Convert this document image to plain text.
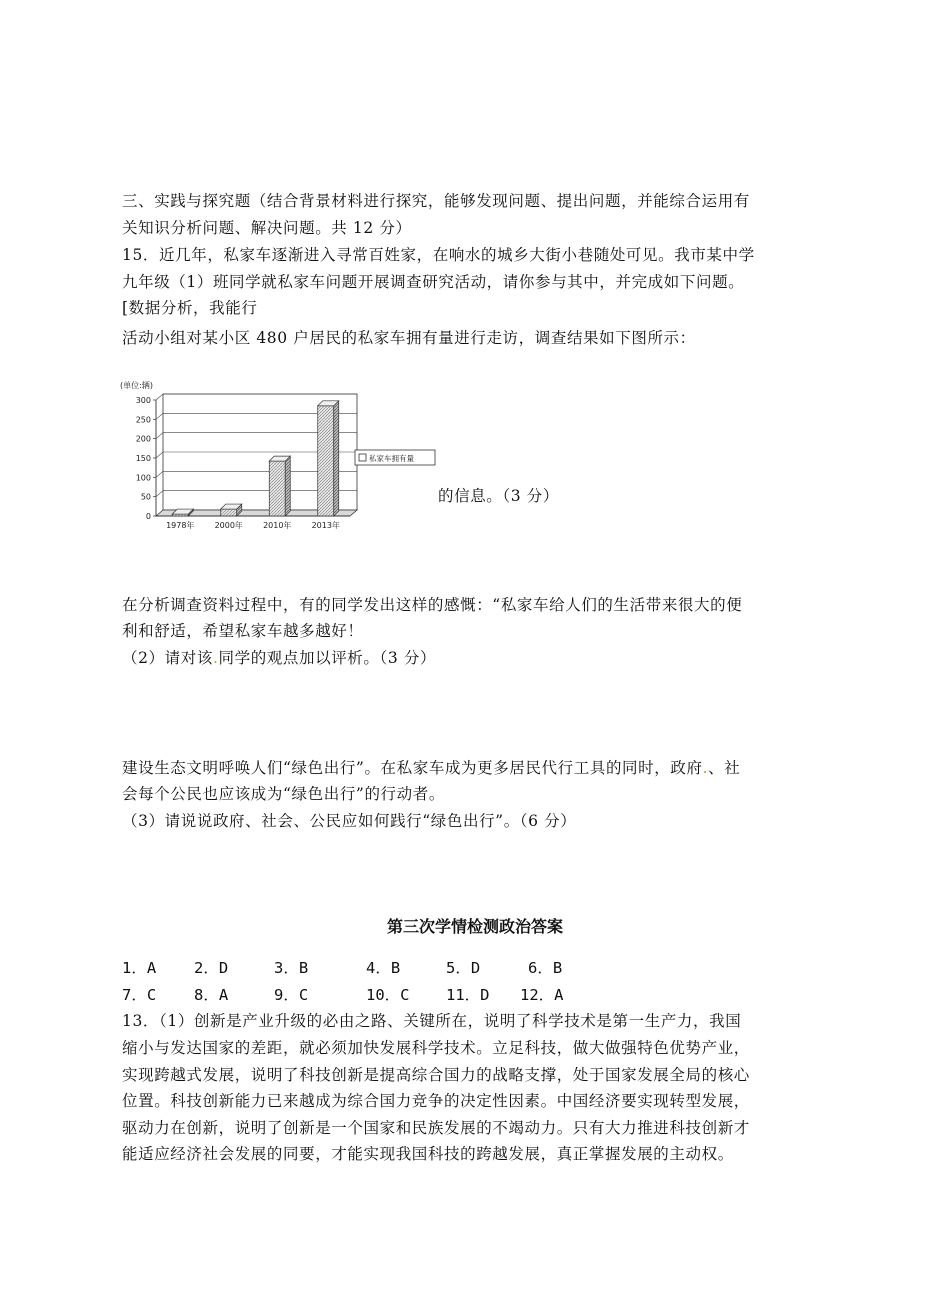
三、实践与探究题（结合背景材料进行探究，能够发现问题、提出问题，并能综合运用有
关知识分析问题、解决问题。共 12 分）
15．近几年，私家车逐渐进入寻常百姓家，在响水的城乡大街小巷随处可见。我市某中学
九年级（1）班同学就私家车问题开展调查研究活动，请你参与其中，并完成如下问题。
[数据分析，我能行
活动小组对某小区 480 户居民的私家车拥有量进行走访，调查结果如下图所示：
(单位:辆)
0
50
100
150
200
250
300
1978年	2000年	2010年	2013年
私家车拥有量
的信息。（3 分）
在分析调查资料过程中，有的同学发出这样的感慨：“私家车给人们的生活带来很大的便
利和舒适，希望私家车越多越好！
（2）请对该.同学的观点加以评析。（3 分）
建设生态文明呼唤人们“绿色出行”。在私家车成为更多居民代行工具的同时，政府.、社
会每个公民也应该成为“绿色出行”的行动者。
（3）请说说政府、社会、公民应如何践行“绿色出行”。（6 分）
第三次学情检测政治答案
1．A 2．D	3．B	4．B	5．D	6．B
7．C 8．A	9．C	10．C 11．D 12．A
13．（1）创新是产业升级的必由之路、关键所在，说明了科学技术是第一生产力，我国
缩小与发达国家的差距，就必须加快发展科学技术。立足科技，做大做强特色优势产业，
实现跨越式发展，说明了科技创新是提高综合国力的战略支撑，处于国家发展全局的核心
位置。科技创新能力已来越成为综合国力竞争的决定性因素。中国经济要实现转型发展，
驱动力在创新，说明了创新是一个国家和民族发展的不竭动力。只有大力推进科技创新才
能适应经济社会发展的同要，才能实现我国科技的跨越发展，真正掌握发展的主动权。
